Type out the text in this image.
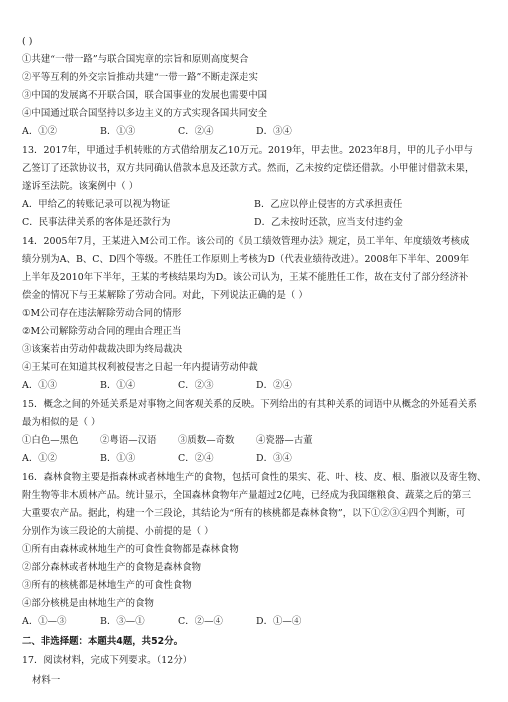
( )
①共建“一带一路”与联合国宪章的宗旨和原则高度契合
②平等互利的外交宗旨推动共建“一带一路”不断走深走实
③中国的发展离不开联合国，联合国事业的发展也需要中国
④中国通过联合国坚持以多边主义的方式实现各国共同安全
A．①②	B．①③	C．②④	D．③④
13．2017年，甲通过手机转账的方式借给朋友乙10万元。2019年，甲去世。2023年8月，甲的儿子小甲与
乙签订了还款协议书，双方共同确认借款本息及还款方式。然而，乙未按约定偿还借款。小甲催讨借款未果，
遂诉至法院。该案例中（ ）
A．甲给乙的转账记录可以视为物证	B．乙应以停止侵害的方式承担责任
C．民事法律关系的客体是还款行为	D．乙未按时还款，应当支付违约金
14．2005年7月，王某进入M公司工作。该公司的《员工绩效管理办法》规定，员工半年、年度绩效考核成
绩分别为A、B、C、D四个等级。不胜任工作原则上考核为D（代表业绩待改进）。2008年下半年、2009年
上半年及2010年下半年，王某的考核结果均为D。该公司认为，王某不能胜任工作，故在支付了部分经济补
偿金的情况下与王某解除了劳动合同。对此，下列说法正确的是（ ）
①M公司存在违法解除劳动合同的情形
②M公司解除劳动合同的理由合理正当
③该案若由劳动仲裁裁决即为终局裁决
④王某可在知道其权利被侵害之日起一年内提请劳动仲裁
A．①③	B．①④	C．②③	D．②④
15．概念之间的外延关系是对事物之间客观关系的反映。下列给出的有其种关系的词语中从概念的外延看关系
最为相似的是（ ）
①白色—黑色	②粤语—汉语	③质数—奇数	④瓷器—古董
A．①②	B．①③	C．②④	D．③④
16．森林食物主要是指森林或者林地生产的食物，包括可食性的果实、花、叶、枝、皮、根、脂液以及寄生物、
附生物等非木质林产品。统计显示，全国森林食物年产量超过2亿吨，已经成为我国继粮食、蔬菜之后的第三
大重要农产品。据此，构建一个三段论，其结论为“所有的核桃都是森林食物”，以下①②③④四个判断，可
分别作为该三段论的大前提、小前提的是（ ）
①所有由森林或林地生产的可食性食物都是森林食物
②部分森林或者林地生产的食物是森林食物
③所有的核桃都是林地生产的可食性食物
④部分核桃是由林地生产的食物
A．①—③	B．③—①	C．②—④	D．①—④
二、非选择题：本题共4题，共52分。
17．阅读材料，完成下列要求。（12分）
材料一
